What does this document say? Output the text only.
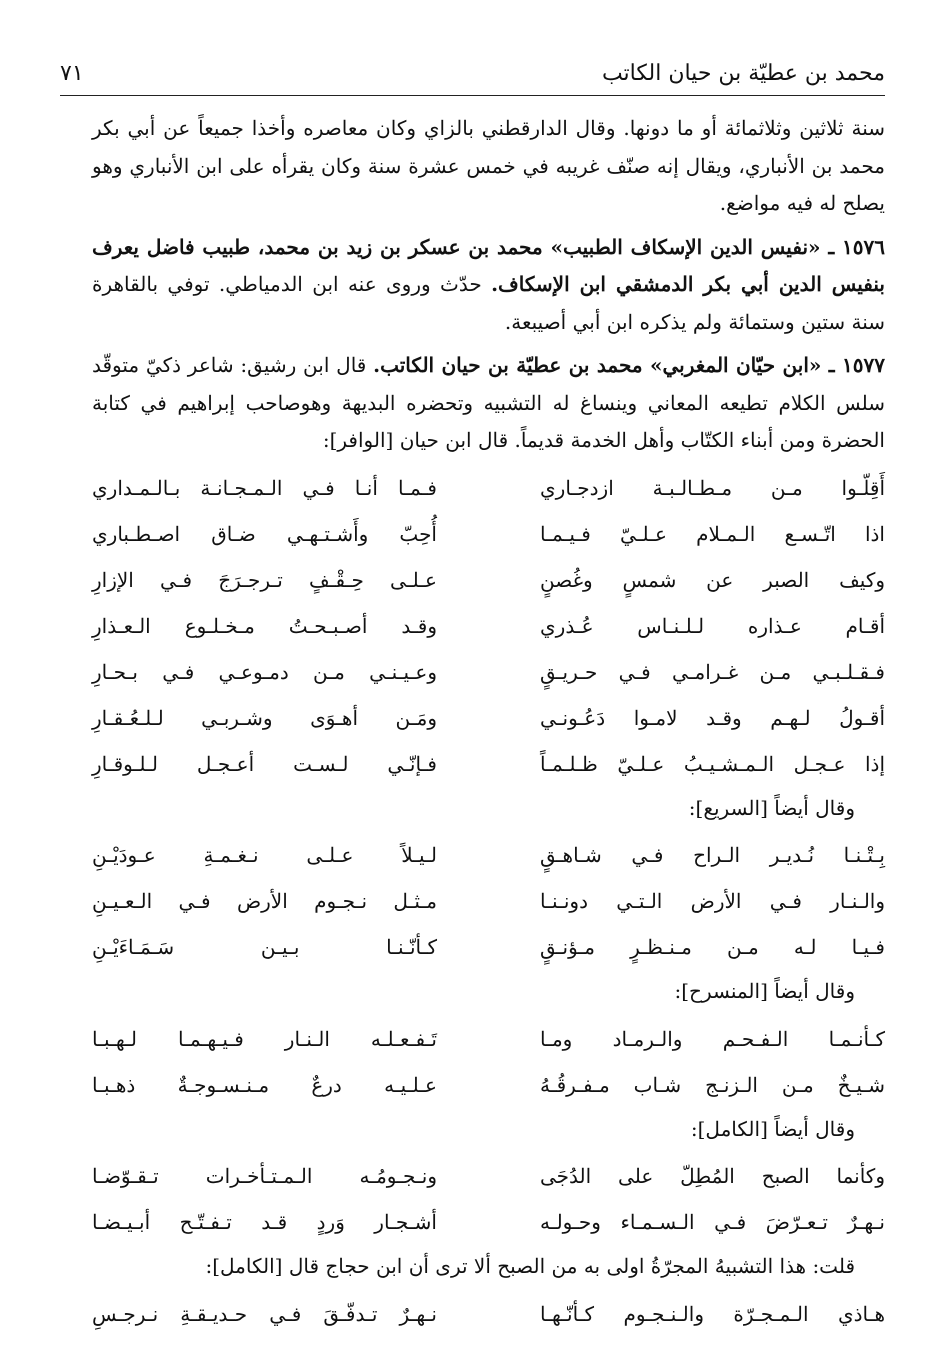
محمد بن عطيّة بن حيان الكاتب
٧١

سنة ثلاثين وثلاثمائة أو ما دونها. وقال الدارقطني بالزاي وكان معاصره وأخذا جميعاً عن أبي بكر محمد بن الأنباري، ويقال إنه صنّف غريبه في خمس عشرة سنة وكان يقرأه على ابن الأنباري وهو يصلح له فيه مواضع.

١٥٧٦ ـ «نفيس الدين الإسكاف الطبيب» محمد بن عسكر بن زيد بن محمد، طبيب فاضل يعرف بنفيس الدين أبي بكر الدمشقي ابن الإسكاف. حدّث وروى عنه ابن الدمياطي. توفي بالقاهرة سنة ستين وستمائة ولم يذكره ابن أبي أصيبعة.

١٥٧٧ ـ «ابن حيّان المغربي» محمد بن عطيّة بن حيان الكاتب. قال ابن رشيق: شاعر ذكيّ متوقّد سلس الكلام تطيعه المعاني وينساغ له التشبيه وتحضره البديهة وهوصاحب إبراهيم في كتابة الحضرة ومن أبناء الكتّاب وأهل الخدمة قديماً. قال ابن حيان [الوافر]:

أَقِلّـوا مـن مـطـالـبـة ازدجـاري
فـمـا أنـا فـي الـمـجـانـة بـالـمـداري
اذا اتّـسـع الـمـلام عـلـيّ فـيـمـا
أُحِبّ وأَشـتـهـي ضـاق اصـطـباري
وكيف الصبر عن شمسٍ وغُصنٍ
عـلـى حِـقْـفٍ تـرجـرَجَ فـي الإزارِ
أقـام عـذاره لـلـنـاس عُـذري
وقـد أصـبـحـتُ مـخـلـوع الـعـذارِ
فـقـلـبـي مـن غـرامـي فـي حـريـقٍ
وعـيـنـي مـن دمـوعـي فـي بـحـارِ
أقـولُ لـهـم وقـد لامـوا دَعُـونـي
ومَـن أهـوَى وشـربـي لـلـعُـقـارِ
إذا عـجـل الـمـشـيـبُ عـلـيّ ظـلـمـاً
فـإنّـي لـسـت أعـجـل لـلـوقـارِ

وقال أيضاً [السريع]:

بِـتْـنـا نُـديـر الـراح فـي شـاهـقٍ
لـيـلاً عـلـى نـغـمـةِ عـودَيْـنِ
والـنـار فـي الأرض الـتـي دونـنـا
مـثـل نـجـوم الأرض فـي الـعـيـنِ
فـيـا لـه مـن مـنـظـرٍ مـؤنـقٍ
كـأنّـنـا بـيـن سَـمَـاءَيْـنِ

وقال أيضاً [المنسرح]:

كـأنـمـا الـفـحـم والـرمـاد ومـا
تَـفـعـلـه الـنـار فـيـهـمـا لـهـبـا
شـيـخٌ مـن الـزنـج شـاب مـفـرقُـهُ
عـلـيـه درعٌ مـنـسـوجـةٌ ذهـبـا

وقال أيضاً [الكامل]:

وكأنما الصبح المُطِلّ على الدُجَى
ونـجـومُـه الـمـتـأخـرات تـقـوّضـا
نـهـرٌ تـعـرّضَ فـي الـسـمـاء وحـولـه
أشـجـار وَردٍ قـد تـفـتّـح أبـيـضـا

قلت: هذا التشبيهُ المجرّةُ اولى به من الصبح ألا ترى أن ابن حجاج قال [الكامل]:

هـاذي الـمـجـرّة والـنـجـوم كـأنّـهـا
نـهـرٌ تـدفّـقَ فـي حـديـقـةِ نـرجـسِ
